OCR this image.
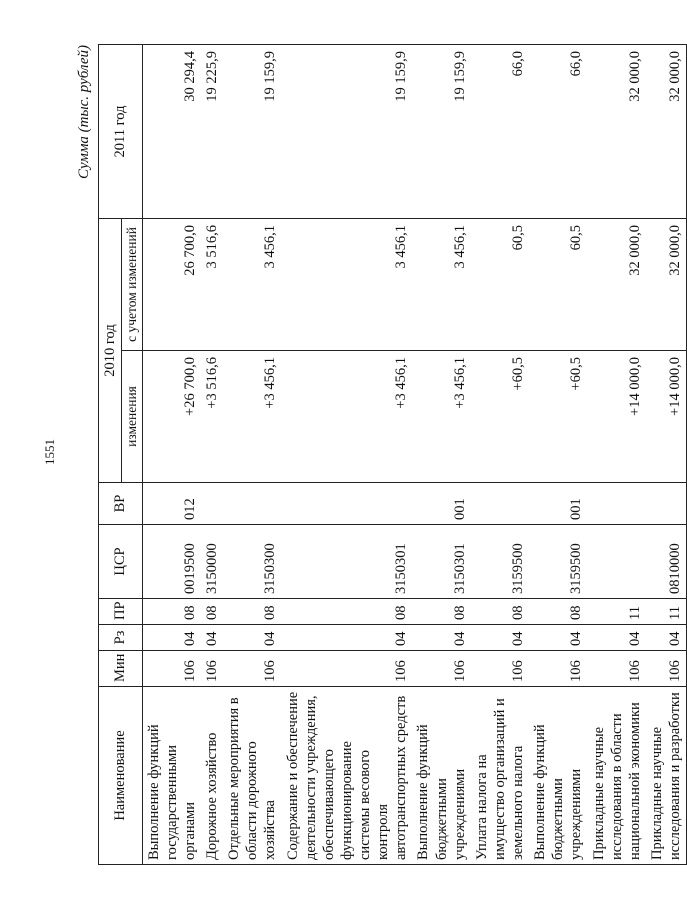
1551
Сумма (тыс. рублей)
Наименование	Мин	Рз	ПР	ЦСР	ВР	2010 год		2011 год
						изменения	с учетом изменений	
Выполнение функций государственными органами	106	04	08	0019500	012	+26 700,0	26 700,0	30 294,4
Дорожное хозяйство	106	04	08	3150000		+3 516,6	3 516,6	19 225,9
Отдельные мероприятия в области дорожного хозяйства	106	04	08	3150300		+3 456,1	3 456,1	19 159,9
Содержание и обеспечение деятельности учреждения, обеспечивающего функционирование системы весового контроля автотранспортных средств	106	04	08	3150301		+3 456,1	3 456,1	19 159,9
Выполнение функций бюджетными учреждениями	106	04	08	3150301	001	+3 456,1	3 456,1	19 159,9
Уплата налога на имущество организаций и земельного налога	106	04	08	3159500		+60,5	60,5	66,0
Выполнение функций бюджетными учреждениями	106	04	08	3159500	001	+60,5	60,5	66,0
Прикладные научные исследования в области национальной экономики	106	04	11			+14 000,0	32 000,0	32 000,0
Прикладные научные исследования и разработки	106	04	11	0810000		+14 000,0	32 000,0	32 000,0
